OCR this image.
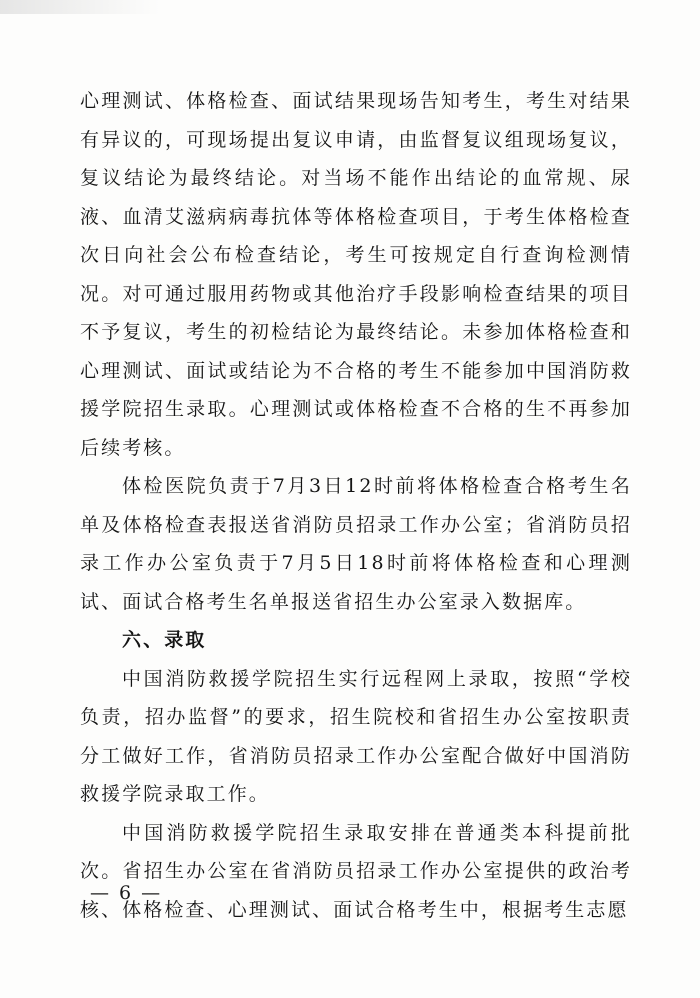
心理测试、体格检查、面试结果现场告知考生，考生对结果有异议的，可现场提出复议申请，由监督复议组现场复议，复议结论为最终结论。对当场不能作出结论的血常规、尿液、血清艾滋病病毒抗体等体格检查项目，于考生体格检查次日向社会公布检查结论，考生可按规定自行查询检测情况。对可通过服用药物或其他治疗手段影响检查结果的项目不予复议，考生的初检结论为最终结论。未参加体格检查和心理测试、面试或结论为不合格的考生不能参加中国消防救援学院招生录取。心理测试或体格检查不合格的生不再参加后续考核。

体检医院负责于7月3日12时前将体格检查合格考生名单及体格检查表报送省消防员招录工作办公室；省消防员招录工作办公室负责于7月5日18时前将体格检查和心理测试、面试合格考生名单报送省招生办公室录入数据库。

六、录取

中国消防救援学院招生实行远程网上录取，按照“学校负责，招办监督”的要求，招生院校和省招生办公室按职责分工做好工作，省消防员招录工作办公室配合做好中国消防救援学院录取工作。

中国消防救援学院招生录取安排在普通类本科提前批次。省招生办公室在省消防员招录工作办公室提供的政治考核、体格检查、心理测试、面试合格考生中，根据考生志愿

— 6 —
